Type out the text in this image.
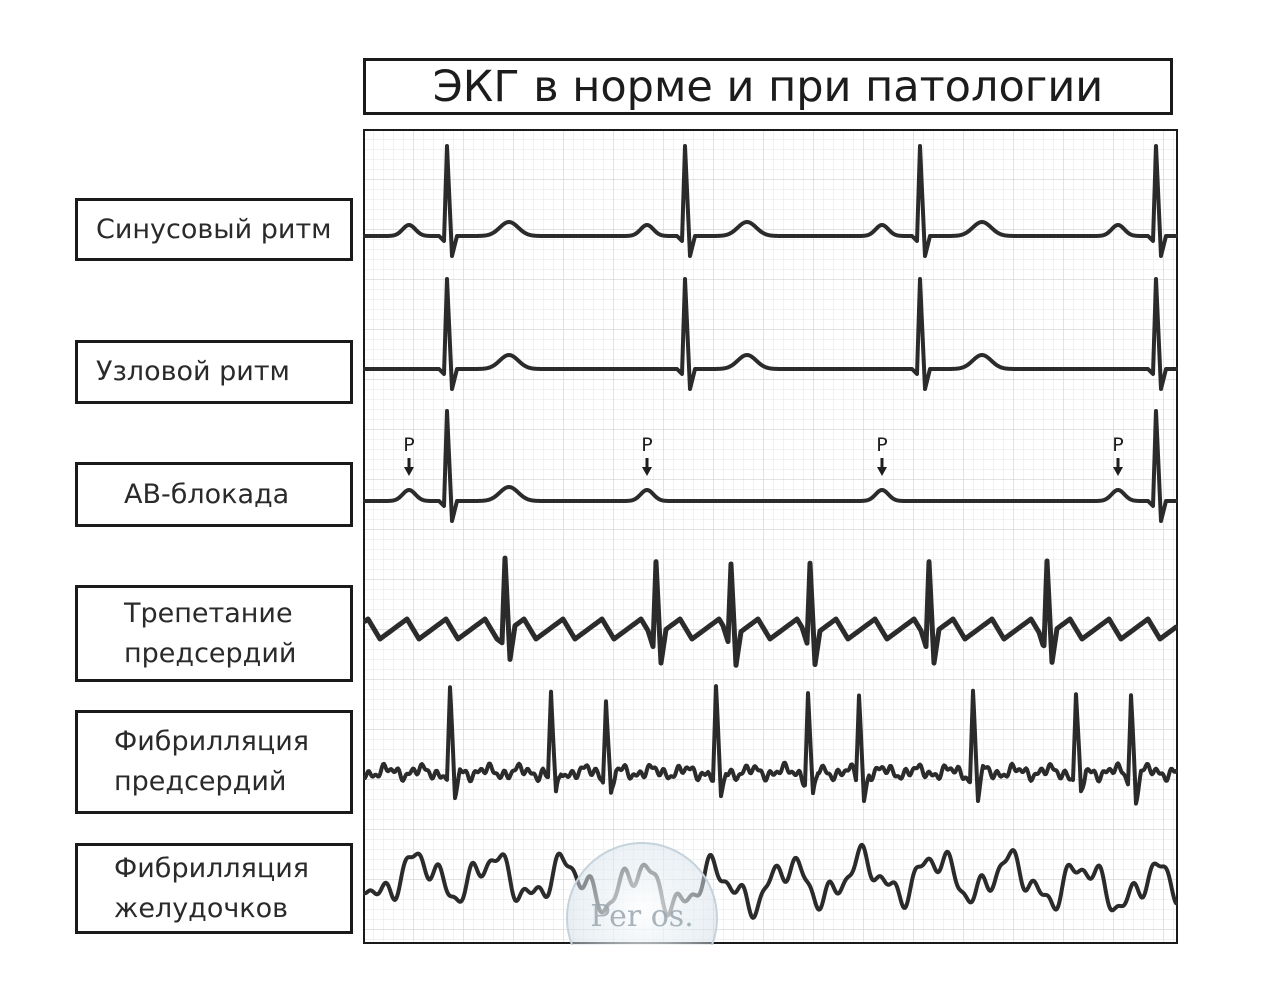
ЭКГ в норме и при патологии
Синусовый ритм
Узловой ритм
АВ-блокада
Трепетание
предсердий
Фибрилляция
предсердий
Фибрилляция
желудочков
P	P	P	P
Per os.
